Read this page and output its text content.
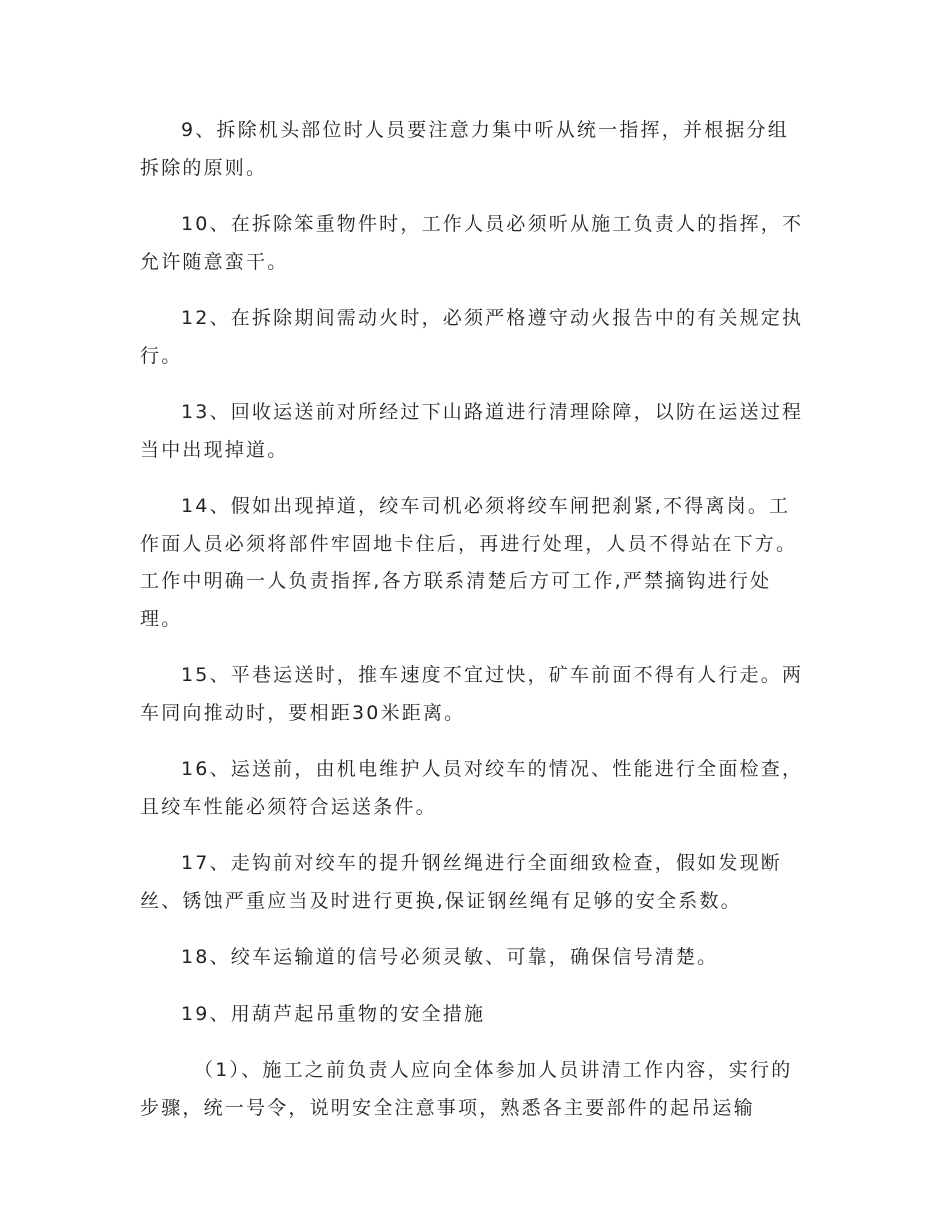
9、拆除机头部位时人员要注意力集中听从统一指挥，并根据分组拆除的原则。

10、在拆除笨重物件时，工作人员必须听从施工负责人的指挥，不允许随意蛮干。

12、在拆除期间需动火时，必须严格遵守动火报告中的有关规定执行。

13、回收运送前对所经过下山路道进行清理除障，以防在运送过程当中出现掉道。

14、假如出现掉道，绞车司机必须将绞车闸把刹紧,不得离岗。工作面人员必须将部件牢固地卡住后，再进行处理，人员不得站在下方。工作中明确一人负责指挥,各方联系清楚后方可工作,严禁摘钩进行处理。

15、平巷运送时，推车速度不宜过快，矿车前面不得有人行走。两车同向推动时，要相距30米距离。

16、运送前，由机电维护人员对绞车的情况、性能进行全面检查，且绞车性能必须符合运送条件。

17、走钩前对绞车的提升钢丝绳进行全面细致检查，假如发现断丝、锈蚀严重应当及时进行更换,保证钢丝绳有足够的安全系数。

18、绞车运输道的信号必须灵敏、可靠，确保信号清楚。

19、用葫芦起吊重物的安全措施

（1）、施工之前负责人应向全体参加人员讲清工作内容，实行的步骤，统一号令，说明安全注意事项，熟悉各主要部件的起吊运输
